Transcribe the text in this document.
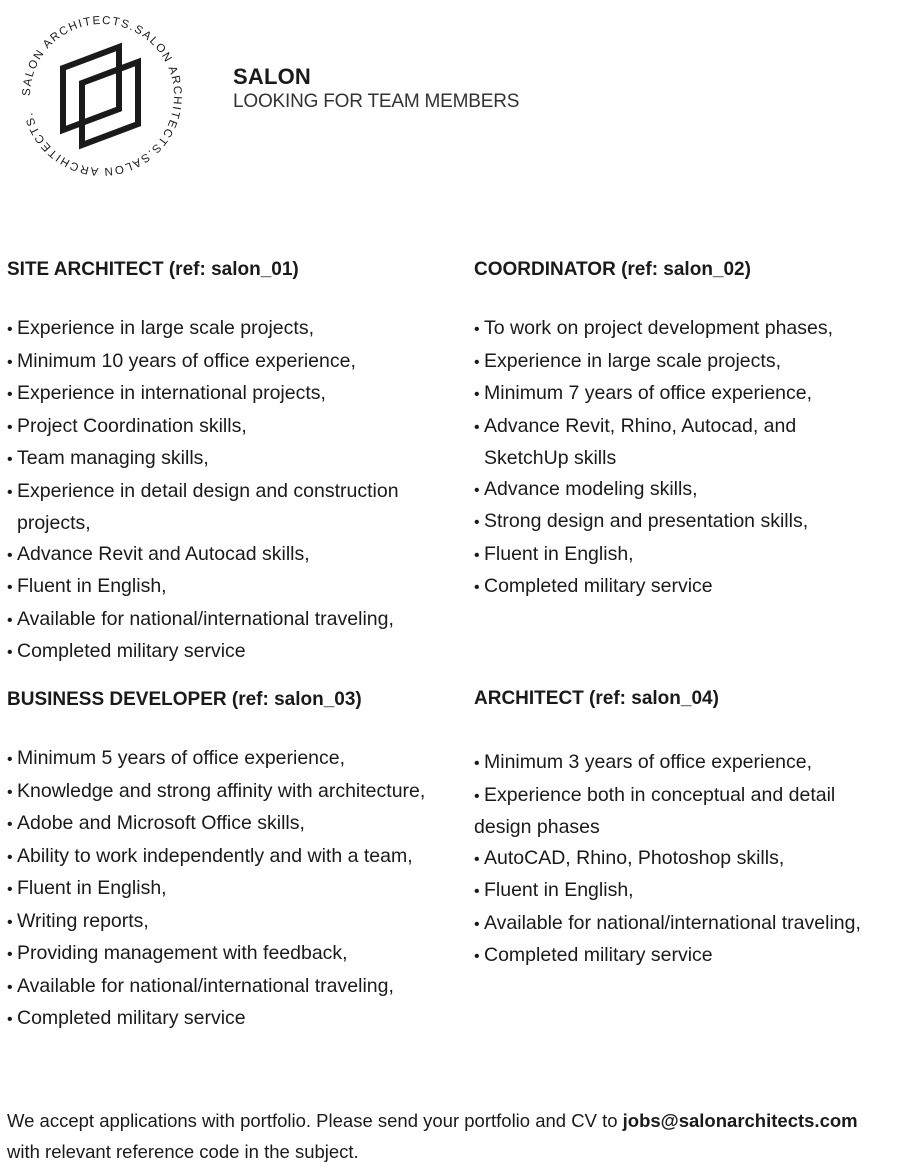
SALON ARCHITECTS.SALON ARCHITECTS.SALON ARCHITECTS.
SALON
LOOKING FOR TEAM MEMBERS
SITE ARCHITECT (ref: salon_01)
• Experience in large scale projects,
• Minimum 10 years of office experience,
• Experience in international projects,
• Project Coordination skills,
• Team managing skills,
• Experience in detail design and construction projects,
• Advance Revit and Autocad skills,
• Fluent in English,
• Available for national/international traveling,
• Completed military service
COORDINATOR (ref: salon_02)
• To work on project development phases,
• Experience in large scale projects,
• Minimum 7 years of office experience,
• Advance Revit, Rhino, Autocad, and SketchUp skills
• Advance modeling skills,
• Strong design and presentation skills,
• Fluent in English,
• Completed military service
BUSINESS DEVELOPER (ref: salon_03)
• Minimum 5 years of office experience,
• Knowledge and strong affinity with architecture,
• Adobe and Microsoft Office skills,
• Ability to work independently and with a team,
• Fluent in English,
• Writing reports,
• Providing management with feedback,
• Available for national/international traveling,
• Completed military service
ARCHITECT (ref: salon_04)
• Minimum 3 years of office experience,
• Experience both in conceptual and detail design phases
• AutoCAD, Rhino, Photoshop skills,
• Fluent in English,
• Available for national/international traveling,
• Completed military service
We accept applications with portfolio. Please send your portfolio and CV to jobs@salonarchitects.com
with relevant reference code in the subject.
